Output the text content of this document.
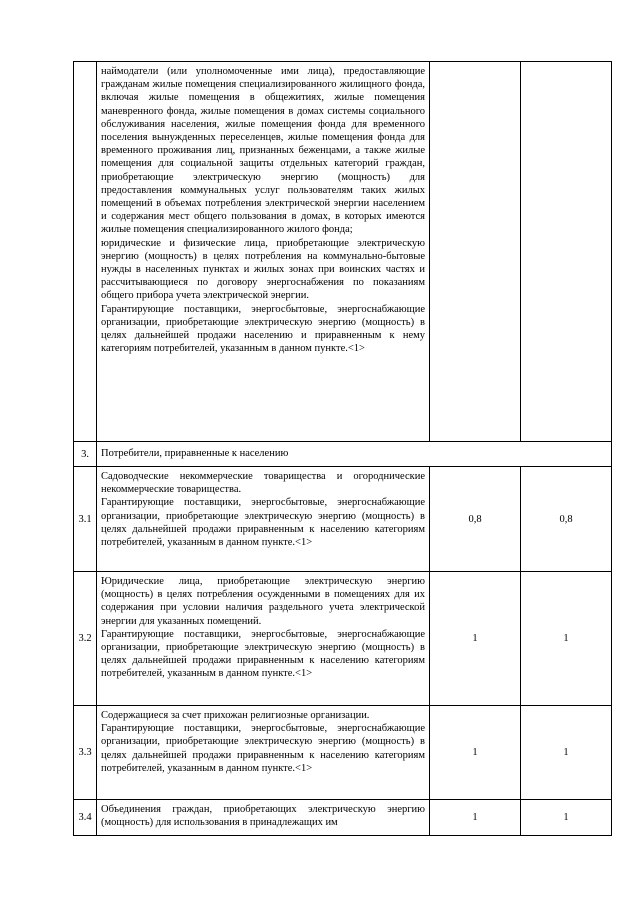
	наймодатели (или уполномоченные ими лица), предоставляющие гражданам жилые помещения специализированного жилищного фонда, включая жилые помещения в общежитиях, жилые помещения маневренного фонда, жилые помещения в домах системы социального обслуживания населения, жилые помещения фонда для временного поселения вынужденных переселенцев, жилые помещения фонда для временного проживания лиц, признанных беженцами, а также жилые помещения для социальной защиты отдельных категорий граждан, приобретающие электрическую энергию (мощность) для предоставления коммунальных услуг пользователям таких жилых помещений в объемах потребления электрической энергии населением и содержания мест общего пользования в домах, в которых имеются жилые помещения специализированного жилого фонда;

юридические и физические лица, приобретающие электрическую энергию (мощность) в целях потребления на коммунально-бытовые нужды в населенных пунктах и жилых зонах при воинских частях и рассчитывающиеся по договору энергоснабжения по показаниям общего прибора учета электрической энергии.

Гарантирующие поставщики, энергосбытовые, энергоснабжающие организации, приобретающие электрическую энергию (мощность) в целях дальнейшей продажи населению и приравненным к нему категориям потребителей, указанным в данном пункте.<1>		

3.	Потребители, приравненные к населению		
3.1	Садоводческие некоммерческие товарищества и огороднические некоммерческие товарищества.

Гарантирующие поставщики, энергосбытовые, энергоснабжающие организации, приобретающие электрическую энергию (мощность) в целях дальнейшей продажи приравненным к населению категориям потребителей, указанным в данном пункте.<1>	0,8	0,8
3.2	Юридические лица, приобретающие электрическую энергию (мощность) в целях потребления осужденными в помещениях для их содержания при условии наличия раздельного учета электрической энергии для указанных помещений.

Гарантирующие поставщики, энергосбытовые, энергоснабжающие организации, приобретающие электрическую энергию (мощность) в целях дальнейшей продажи приравненным к населению категориям потребителей, указанным в данном пункте.<1>	1	1
3.3	Содержащиеся за счет прихожан религиозные организации.

Гарантирующие поставщики, энергосбытовые, энергоснабжающие организации, приобретающие электрическую энергию (мощность) в целях дальнейшей продажи приравненным к населению категориям потребителей, указанным в данном пункте.<1>	1	1
3.4	Объединения граждан, приобретающих электрическую энергию (мощность) для использования в принадлежащих им	1	1
